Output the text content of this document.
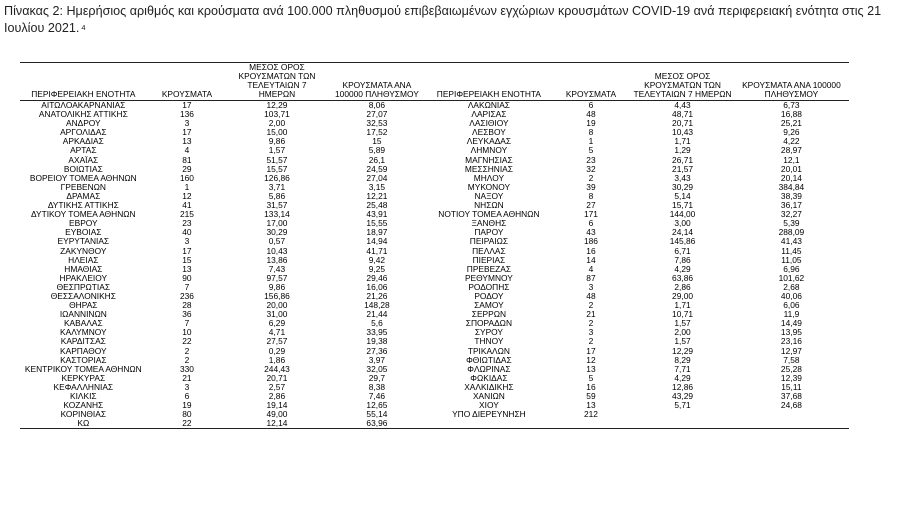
Πίνακας 2: Ημερήσιος αριθμός και κρούσματα ανά 100.000 πληθυσμού επιβεβαιωμένων εγχώριων κρουσμάτων COVID-19 ανά περιφερειακή ενότητα στις 21 Ιουλίου 2021. $^4$
ΠΕΡΙΦΕΡΕΙΑΚΗ ΕΝΟΤΗΤΑ	ΚΡΟΥΣΜΑΤΑ	ΜΕΣΟΣ ΟΡΟΣ ΚΡΟΥΣΜΑΤΩΝ ΤΩΝ ΤΕΛΕΥΤΑΙΩΝ 7 ΗΜΕΡΩΝ	ΚΡΟΥΣΜΑΤΑ ΑΝΑ 100000 ΠΛΗΘΥΣΜΟΥ	ΠΕΡΙΦΕΡΕΙΑΚΗ ΕΝΟΤΗΤΑ	ΚΡΟΥΣΜΑΤΑ	ΜΕΣΟΣ ΟΡΟΣ ΚΡΟΥΣΜΑΤΩΝ ΤΩΝ ΤΕΛΕΥΤΑΙΩΝ 7 ΗΜΕΡΩΝ	ΚΡΟΥΣΜΑΤΑ ΑΝΑ 100000 ΠΛΗΘΥΣΜΟΥ
ΑΙΤΩΛΟΑΚΑΡΝΑΝΙΑΣ	17	12,29	8,06	ΛΑΚΩΝΙΑΣ	6	4,43	6,73
ΑΝΑΤΟΛΙΚΗΣ ΑΤΤΙΚΗΣ	136	103,71	27,07	ΛΑΡΙΣΑΣ	48	48,71	16,88
ΑΝΔΡΟΥ	3	2,00	32,53	ΛΑΣΙΘΙΟΥ	19	20,71	25,21
ΑΡΓΟΛΙΔΑΣ	17	15,00	17,52	ΛΕΣΒΟΥ	8	10,43	9,26
ΑΡΚΑΔΙΑΣ	13	9,86	15	ΛΕΥΚΑΔΑΣ	1	1,71	4,22
ΑΡΤΑΣ	4	1,57	5,89	ΛΗΜΝΟΥ	5	1,29	28,97
ΑΧΑΪΑΣ	81	51,57	26,1	ΜΑΓΝΗΣΙΑΣ	23	26,71	12,1
ΒΟΙΩΤΙΑΣ	29	15,57	24,59	ΜΕΣΣΗΝΙΑΣ	32	21,57	20,01
ΒΟΡΕΙΟΥ ΤΟΜΕΑ ΑΘΗΝΩΝ	160	126,86	27,04	ΜΗΛΟΥ	2	3,43	20,14
ΓΡΕΒΕΝΩΝ	1	3,71	3,15	ΜΥΚΟΝΟΥ	39	30,29	384,84
ΔΡΑΜΑΣ	12	5,86	12,21	ΝΑΞΟΥ	8	5,14	38,39
ΔΥΤΙΚΗΣ ΑΤΤΙΚΗΣ	41	31,57	25,48	ΝΗΣΩΝ	27	15,71	36,17
ΔΥΤΙΚΟΥ ΤΟΜΕΑ ΑΘΗΝΩΝ	215	133,14	43,91	ΝΟΤΙΟΥ ΤΟΜΕΑ ΑΘΗΝΩΝ	171	144,00	32,27
ΕΒΡΟΥ	23	17,00	15,55	ΞΑΝΘΗΣ	6	3,00	5,39
ΕΥΒΟΙΑΣ	40	30,29	18,97	ΠΑΡΟΥ	43	24,14	288,09
ΕΥΡΥΤΑΝΙΑΣ	3	0,57	14,94	ΠΕΙΡΑΙΩΣ	186	145,86	41,43
ΖΑΚΥΝΘΟΥ	17	10,43	41,71	ΠΕΛΛΑΣ	16	6,71	11,45
ΗΛΕΙΑΣ	15	13,86	9,42	ΠΙΕΡΙΑΣ	14	7,86	11,05
ΗΜΑΘΙΑΣ	13	7,43	9,25	ΠΡΕΒΕΖΑΣ	4	4,29	6,96
ΗΡΑΚΛΕΙΟΥ	90	97,57	29,46	ΡΕΘΥΜΝΟΥ	87	63,86	101,62
ΘΕΣΠΡΩΤΙΑΣ	7	9,86	16,06	ΡΟΔΟΠΗΣ	3	2,86	2,68
ΘΕΣΣΑΛΟΝΙΚΗΣ	236	156,86	21,26	ΡΟΔΟΥ	48	29,00	40,06
ΘΗΡΑΣ	28	20,00	148,28	ΣΑΜΟΥ	2	1,71	6,06
ΙΩΑΝΝΙΝΩΝ	36	31,00	21,44	ΣΕΡΡΩΝ	21	10,71	11,9
ΚΑΒΑΛΑΣ	7	6,29	5,6	ΣΠΟΡΑΔΩΝ	2	1,57	14,49
ΚΑΛΥΜΝΟΥ	10	4,71	33,95	ΣΥΡΟΥ	3	2,00	13,95
ΚΑΡΔΙΤΣΑΣ	22	27,57	19,38	ΤΗΝΟΥ	2	1,57	23,16
ΚΑΡΠΑΘΟΥ	2	0,29	27,36	ΤΡΙΚΑΛΩΝ	17	12,29	12,97
ΚΑΣΤΟΡΙΑΣ	2	1,86	3,97	ΦΘΙΩΤΙΔΑΣ	12	8,29	7,58
ΚΕΝΤΡΙΚΟΥ ΤΟΜΕΑ ΑΘΗΝΩΝ	330	244,43	32,05	ΦΛΩΡΙΝΑΣ	13	7,71	25,28
ΚΕΡΚΥΡΑΣ	21	20,71	29,7	ΦΩΚΙΔΑΣ	5	4,29	12,39
ΚΕΦΑΛΛΗΝΙΑΣ	3	2,57	8,38	ΧΑΛΚΙΔΙΚΗΣ	16	12,86	15,11
ΚΙΛΚΙΣ	6	2,86	7,46	ΧΑΝΙΩΝ	59	43,29	37,68
ΚΟΖΑΝΗΣ	19	19,14	12,65	ΧΙΟΥ	13	5,71	24,68
ΚΟΡΙΝΘΙΑΣ	80	49,00	55,14	ΥΠΟ ΔΙΕΡΕΥΝΗΣΗ	212		
ΚΩ	22	12,14	63,96				
